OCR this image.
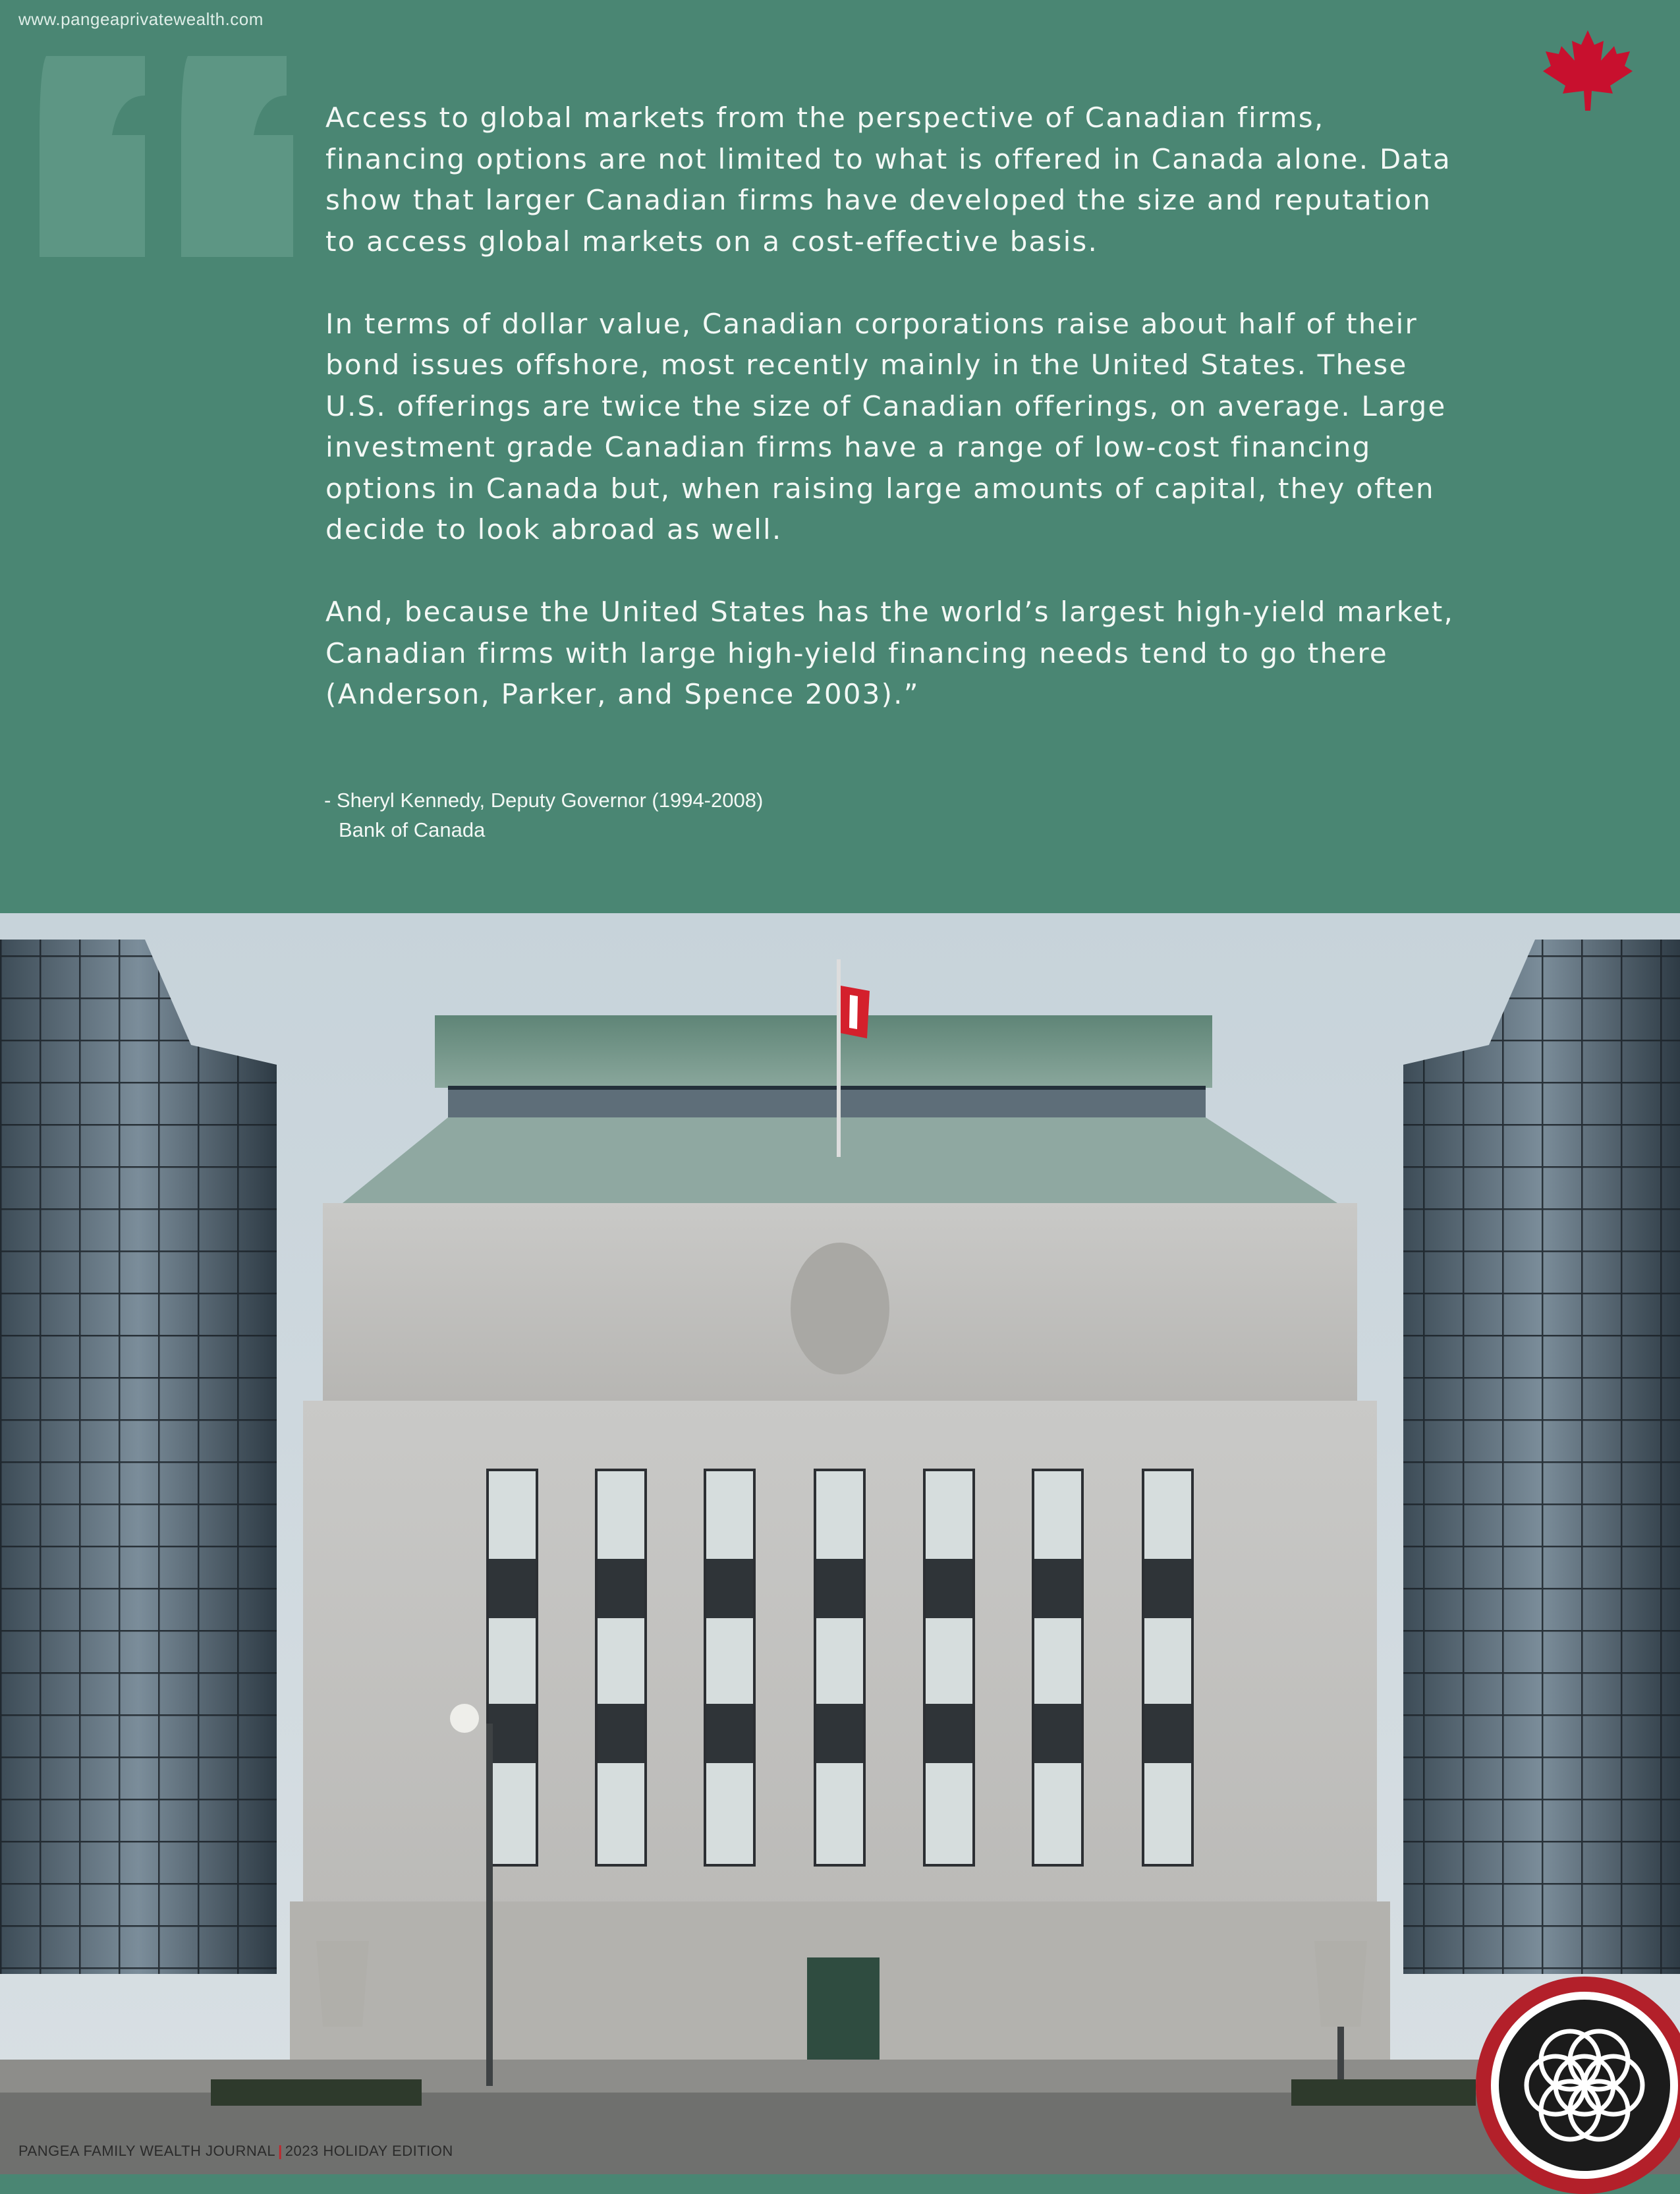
www.pangeaprivatewealth.com

Access to global markets from the perspective of Canadian firms, financing options are not limited to what is offered in Canada alone. Data show that larger Canadian firms have developed the size and reputation to access global markets on a cost-effective basis.

In terms of dollar value, Canadian corporations raise about half of their bond issues offshore, most recently mainly in the United States. These U.S. offerings are twice the size of Canadian offerings, on average. Large investment grade Canadian firms have a range of low-cost financing options in Canada but, when raising large amounts of capital, they often decide to look abroad as well.

And, because the United States has the world’s largest high-yield market, Canadian firms with large high-yield financing needs tend to go there (Anderson, Parker, and Spence 2003).”

- Sheryl Kennedy, Deputy Governor (1994-2008)
Bank of Canada
PANGEA FAMILY WEALTH JOURNAL | 2023 HOLIDAY EDITION
